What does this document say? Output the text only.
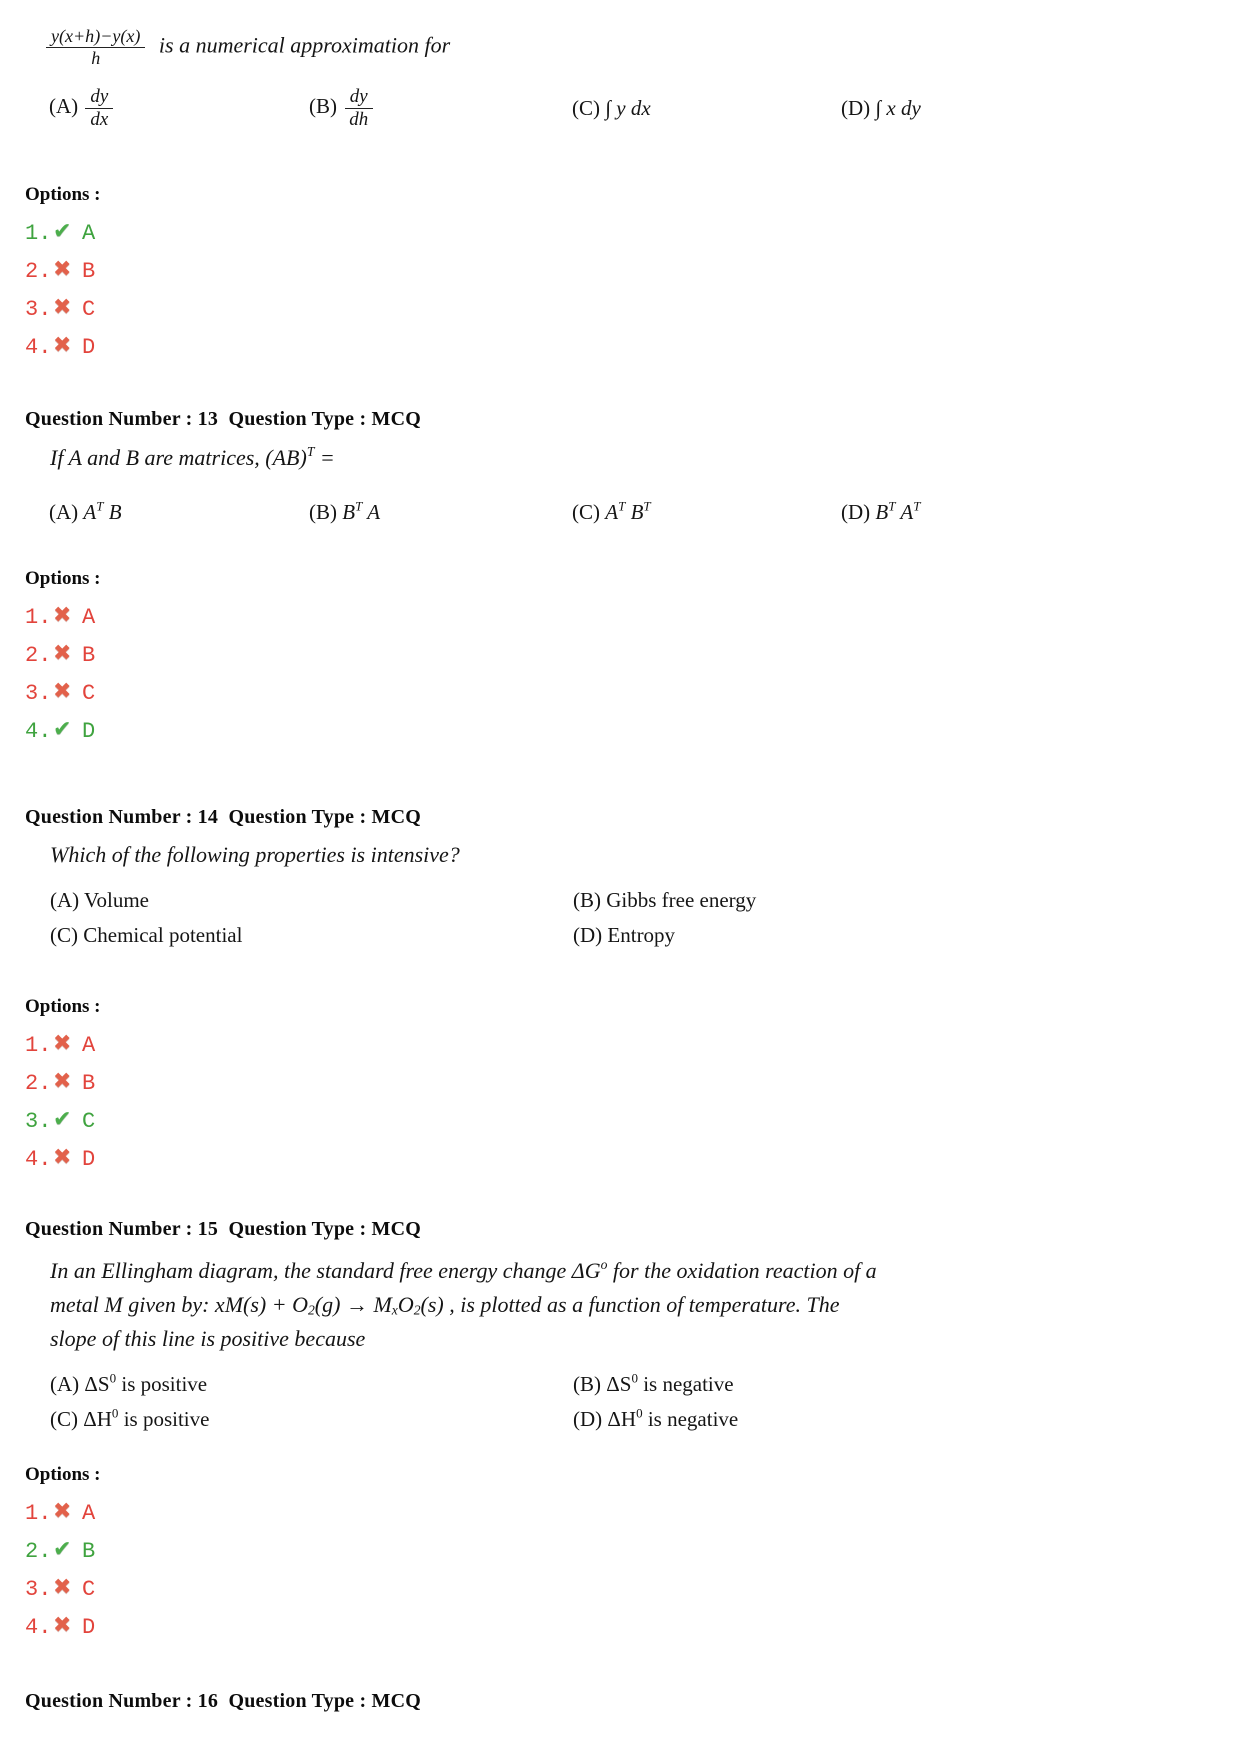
$\frac{y(x+h)-y(x)}{h}$ is a numerical approximation for
$(A) \frac{dy}{dx}$	$(B) \frac{dy}{dh}$	(C) ∫ y dx	(D) ∫ x dy
Options :
1. ✔ A
2. ✖ B
3. ✖ C
4. ✖ D
Question Number : 13  Question Type : MCQ
If A and B are matrices, (AB)$^T$ =
(A) $A^T$ B	(B) $B^T$ A	(C) $A^T$ $B^T$	(D) $B^T$ $A^T$
Options :
1. ✖ A
2. ✖ B
3. ✖ C
4. ✔ D
Question Number : 14  Question Type : MCQ
Which of the following properties is intensive?
(A) Volume	(B) Gibbs free energy
(C) Chemical potential	(D) Entropy
Options :
1. ✖ A
2. ✖ B
3. ✔ C
4. ✖ D
Question Number : 15  Question Type : MCQ
In an Ellingham diagram, the standard free energy change $\Delta G^o$ for the oxidation reaction of a
metal M given by: $xM(s) + O_2(g) \to M_xO_2(s)$ , is plotted as a function of temperature. The
slope of this line is positive because
(A) $\Delta S^0$ is positive	(B) $\Delta S^0$ is negative
(C) $\Delta H^0$ is positive	(D) $\Delta H^0$ is negative
Options :
1. ✖ A
2. ✔ B
3. ✖ C
4. ✖ D
Question Number : 16  Question Type : MCQ
